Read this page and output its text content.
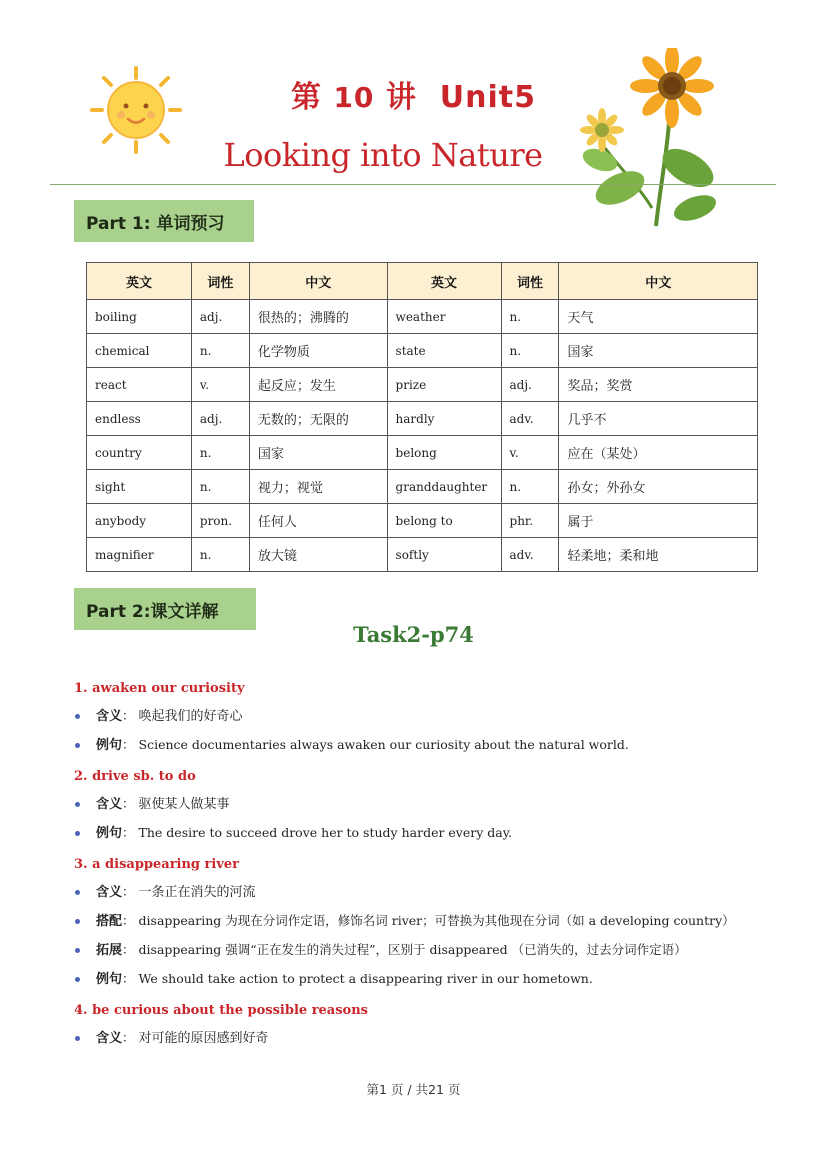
第 10 讲 Unit5
Looking into Nature
Part 1: 单词预习
英文	词性	中文	英文	词性	中文
boiling	adj.	很热的；沸腾的	weather	n.	天气
chemical	n.	化学物质	state	n.	国家
react	v.	起反应；发生	prize	adj.	奖品；奖赏
endless	adj.	无数的；无限的	hardly	adv.	几乎不
country	n.	国家	belong	v.	应在（某处）
sight	n.	视力；视觉	granddaughter	n.	孙女；外孙女
anybody	pron.	任何人	belong to	phr.	属于
magnifier	n.	放大镜	softly	adv.	轻柔地；柔和地
Part 2:课文详解
Task2-p74
1. awaken our curiosity
含义： 唤起我们的好奇心
例句： Science documentaries always awaken our curiosity about the natural world.
2. drive sb. to do
含义： 驱使某人做某事
例句： The desire to succeed drove her to study harder every day.
3. a disappearing river
含义： 一条正在消失的河流
搭配： disappearing 为现在分词作定语，修饰名词 river；可替换为其他现在分词（如 a developing country）
拓展： disappearing 强调“正在发生的消失过程”，区别于 disappeared （已消失的，过去分词作定语）
例句： We should take action to protect a disappearing river in our hometown.
4. be curious about the possible reasons
含义： 对可能的原因感到好奇
第1 页 / 共21 页
